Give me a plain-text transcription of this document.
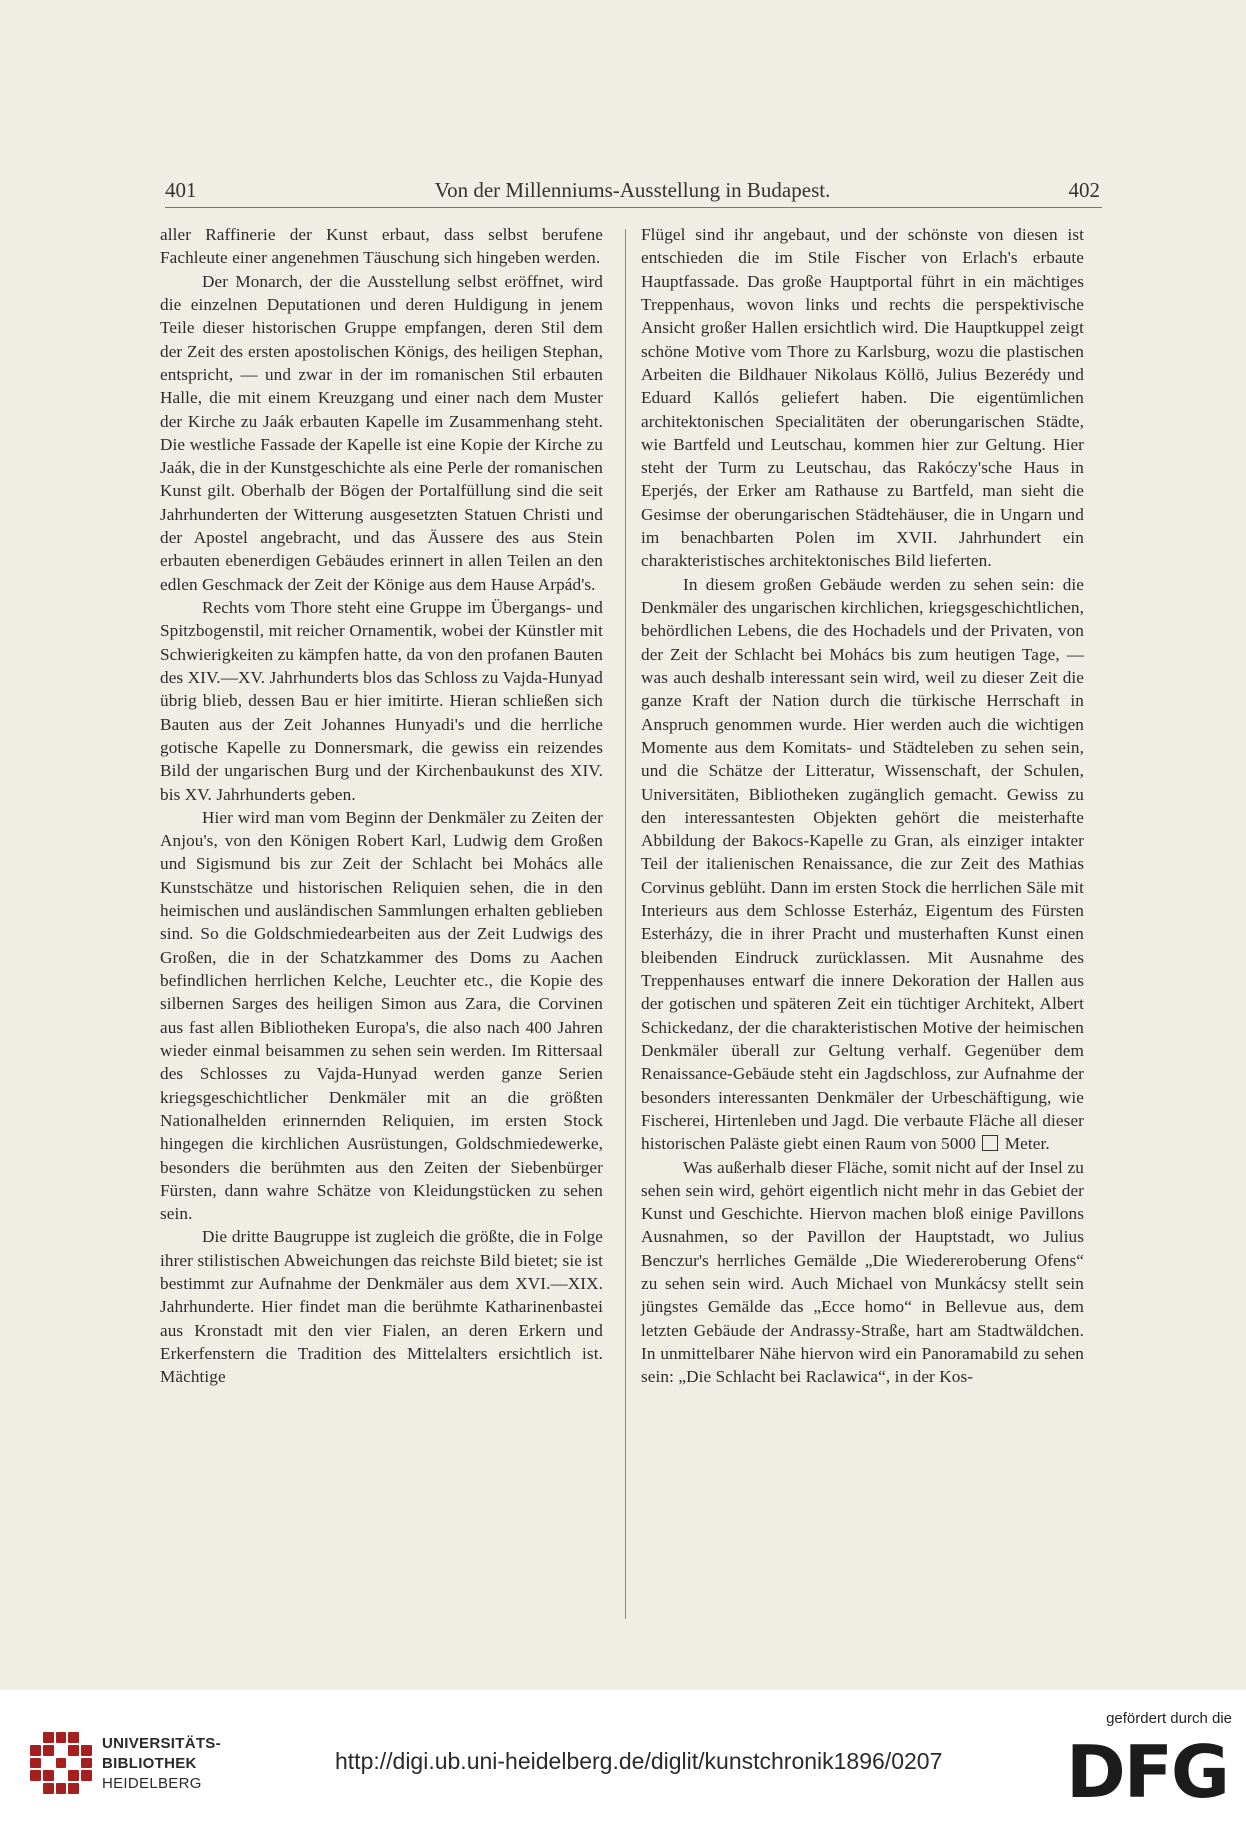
401	Von der Millenniums-Ausstellung in Budapest.	402

aller Raffinerie der Kunst erbaut, dass selbst berufene Fachleute einer angenehmen Täuschung sich hingeben werden.

Der Monarch, der die Ausstellung selbst eröffnet, wird die einzelnen Deputationen und deren Huldigung in jenem Teile dieser historischen Gruppe empfangen, deren Stil dem der Zeit des ersten apostolischen Königs, des heiligen Stephan, entspricht, — und zwar in der im romanischen Stil erbauten Halle, die mit einem Kreuzgang und einer nach dem Muster der Kirche zu Jaák erbauten Kapelle im Zusammenhang steht. Die westliche Fassade der Kapelle ist eine Kopie der Kirche zu Jaák, die in der Kunstgeschichte als eine Perle der romanischen Kunst gilt. Oberhalb der Bögen der Portalfüllung sind die seit Jahrhunderten der Witterung ausgesetzten Statuen Christi und der Apostel angebracht, und das Äussere des aus Stein erbauten ebenerdigen Gebäudes erinnert in allen Teilen an den edlen Geschmack der Zeit der Könige aus dem Hause Arpád's.

Rechts vom Thore steht eine Gruppe im Übergangs- und Spitzbogenstil, mit reicher Ornamentik, wobei der Künstler mit Schwierigkeiten zu kämpfen hatte, da von den profanen Bauten des XIV.—XV. Jahrhunderts blos das Schloss zu Vajda-Hunyad übrig blieb, dessen Bau er hier imitirte. Hieran schließen sich Bauten aus der Zeit Johannes Hunyadi's und die herrliche gotische Kapelle zu Donnersmark, die gewiss ein reizendes Bild der ungarischen Burg und der Kirchenbaukunst des XIV. bis XV. Jahrhunderts geben.

Hier wird man vom Beginn der Denkmäler zu Zeiten der Anjou's, von den Königen Robert Karl, Ludwig dem Großen und Sigismund bis zur Zeit der Schlacht bei Mohács alle Kunstschätze und historischen Reliquien sehen, die in den heimischen und ausländischen Sammlungen erhalten geblieben sind. So die Goldschmiedearbeiten aus der Zeit Ludwigs des Großen, die in der Schatzkammer des Doms zu Aachen befindlichen herrlichen Kelche, Leuchter etc., die Kopie des silbernen Sarges des heiligen Simon aus Zara, die Corvinen aus fast allen Bibliotheken Europa's, die also nach 400 Jahren wieder einmal beisammen zu sehen sein werden. Im Rittersaal des Schlosses zu Vajda-Hunyad werden ganze Serien kriegsgeschichtlicher Denkmäler mit an die größten Nationalhelden erinnernden Reliquien, im ersten Stock hingegen die kirchlichen Ausrüstungen, Goldschmiedewerke, besonders die berühmten aus den Zeiten der Siebenbürger Fürsten, dann wahre Schätze von Kleidungstücken zu sehen sein.

Die dritte Baugruppe ist zugleich die größte, die in Folge ihrer stilistischen Abweichungen das reichste Bild bietet; sie ist bestimmt zur Aufnahme der Denkmäler aus dem XVI.—XIX. Jahrhunderte. Hier findet man die berühmte Katharinenbastei aus Kronstadt mit den vier Fialen, an deren Erkern und Erkerfenstern die Tradition des Mittelalters ersichtlich ist. Mächtige

Flügel sind ihr angebaut, und der schönste von diesen ist entschieden die im Stile Fischer von Erlach's erbaute Hauptfassade. Das große Hauptportal führt in ein mächtiges Treppenhaus, wovon links und rechts die perspektivische Ansicht großer Hallen ersichtlich wird. Die Hauptkuppel zeigt schöne Motive vom Thore zu Karlsburg, wozu die plastischen Arbeiten die Bildhauer Nikolaus Köllö, Julius Bezerédy und Eduard Kallós geliefert haben. Die eigentümlichen architektonischen Specialitäten der oberungarischen Städte, wie Bartfeld und Leutschau, kommen hier zur Geltung. Hier steht der Turm zu Leutschau, das Rakóczy'sche Haus in Eperjés, der Erker am Rathause zu Bartfeld, man sieht die Gesimse der oberungarischen Städtehäuser, die in Ungarn und im benachbarten Polen im XVII. Jahrhundert ein charakteristisches architektonisches Bild lieferten.

In diesem großen Gebäude werden zu sehen sein: die Denkmäler des ungarischen kirchlichen, kriegsgeschichtlichen, behördlichen Lebens, die des Hochadels und der Privaten, von der Zeit der Schlacht bei Mohács bis zum heutigen Tage, — was auch deshalb interessant sein wird, weil zu dieser Zeit die ganze Kraft der Nation durch die türkische Herrschaft in Anspruch genommen wurde. Hier werden auch die wichtigen Momente aus dem Komitats- und Städteleben zu sehen sein, und die Schätze der Litteratur, Wissenschaft, der Schulen, Universitäten, Bibliotheken zugänglich gemacht. Gewiss zu den interessantesten Objekten gehört die meisterhafte Abbildung der Bakocs-Kapelle zu Gran, als einziger intakter Teil der italienischen Renaissance, die zur Zeit des Mathias Corvinus geblüht. Dann im ersten Stock die herrlichen Säle mit Interieurs aus dem Schlosse Esterház, Eigentum des Fürsten Esterházy, die in ihrer Pracht und musterhaften Kunst einen bleibenden Eindruck zurücklassen. Mit Ausnahme des Treppenhauses entwarf die innere Dekoration der Hallen aus der gotischen und späteren Zeit ein tüchtiger Architekt, Albert Schickedanz, der die charakteristischen Motive der heimischen Denkmäler überall zur Geltung verhalf. Gegenüber dem Renaissance-Gebäude steht ein Jagdschloss, zur Aufnahme der besonders interessanten Denkmäler der Urbeschäftigung, wie Fischerei, Hirtenleben und Jagd. Die verbaute Fläche all dieser historischen Paläste giebt einen Raum von 5000 Meter.

Was außerhalb dieser Fläche, somit nicht auf der Insel zu sehen sein wird, gehört eigentlich nicht mehr in das Gebiet der Kunst und Geschichte. Hiervon machen bloß einige Pavillons Ausnahmen, so der Pavillon der Hauptstadt, wo Julius Benczur's herrliches Gemälde „Die Wiedereroberung Ofens“ zu sehen sein wird. Auch Michael von Munkácsy stellt sein jüngstes Gemälde das „Ecce homo“ in Bellevue aus, dem letzten Gebäude der Andrassy-Straße, hart am Stadtwäldchen. In unmittelbarer Nähe hiervon wird ein Panoramabild zu sehen sein: „Die Schlacht bei Raclawica“, in der Kos-

UNIVERSITÄTS-
BIBLIOTHEK
HEIDELBERG
http://digi.ub.uni-heidelberg.de/diglit/kunstchronik1896/0207
gefördert durch die
DFG
